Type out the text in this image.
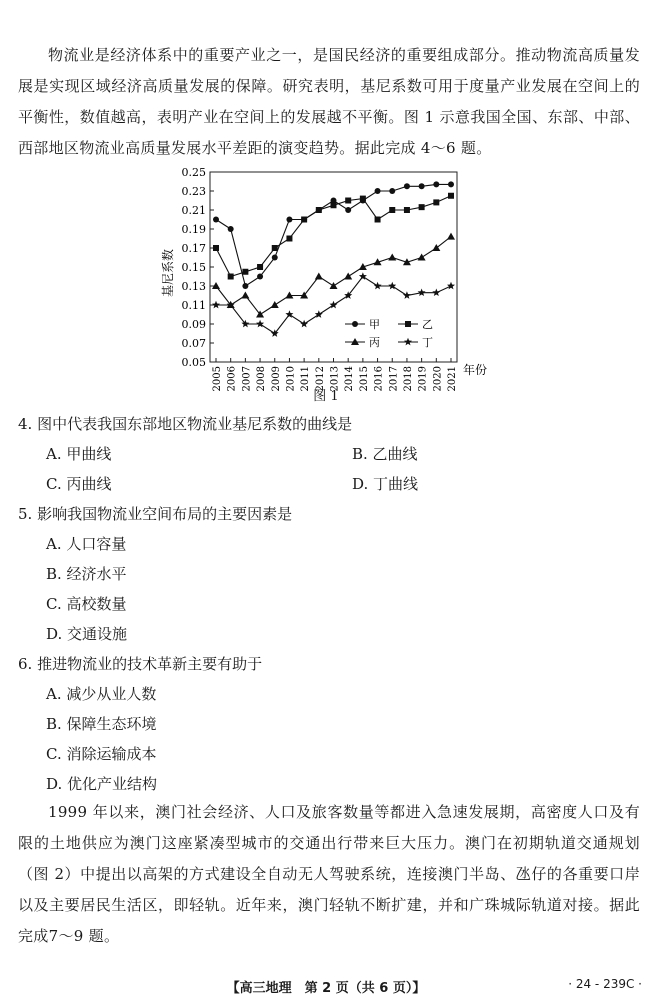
物流业是经济体系中的重要产业之一，是国民经济的重要组成部分。推动物流高质量发展是实现区域经济高质量发展的保障。研究表明，基尼系数可用于度量产业发展在空间上的平衡性，数值越高，表明产业在空间上的发展越不平衡。图 1 示意我国全国、东部、中部、西部地区物流业高质量发展水平差距的演变趋势。据此完成 4～6 题。

0.05
0.07
0.09
0.11
0.13
0.15
0.17
0.19
0.21
0.23
0.25
2005 2006 2007 2008 2009 2010 2011 2012 2013 2014 2015 2016 2017 2018 2019 2020 2021
甲	乙
丙	丁
基尼系数
年份
图 1

4. 图中代表我国东部地区物流业基尼系数的曲线是

A. 甲曲线	B. 乙曲线

C. 丙曲线	D. 丁曲线

5. 影响我国物流业空间布局的主要因素是

A. 人口容量

B. 经济水平

C. 高校数量

D. 交通设施

6. 推进物流业的技术革新主要有助于

A. 减少从业人数

B. 保障生态环境

C. 消除运输成本

D. 优化产业结构

1999 年以来，澳门社会经济、人口及旅客数量等都进入急速发展期，高密度人口及有限的土地供应为澳门这座紧凑型城市的交通出行带来巨大压力。澳门在初期轨道交通规划（图 2）中提出以高架的方式建设全自动无人驾驶系统，连接澳门半岛、氹仔的各重要口岸以及主要居民生活区，即轻轨。近年来，澳门轻轨不断扩建，并和广珠城际轨道对接。据此完成7～9 题。

【高三地理　第 2 页（共 6 页）】	· 24 - 239C ·
